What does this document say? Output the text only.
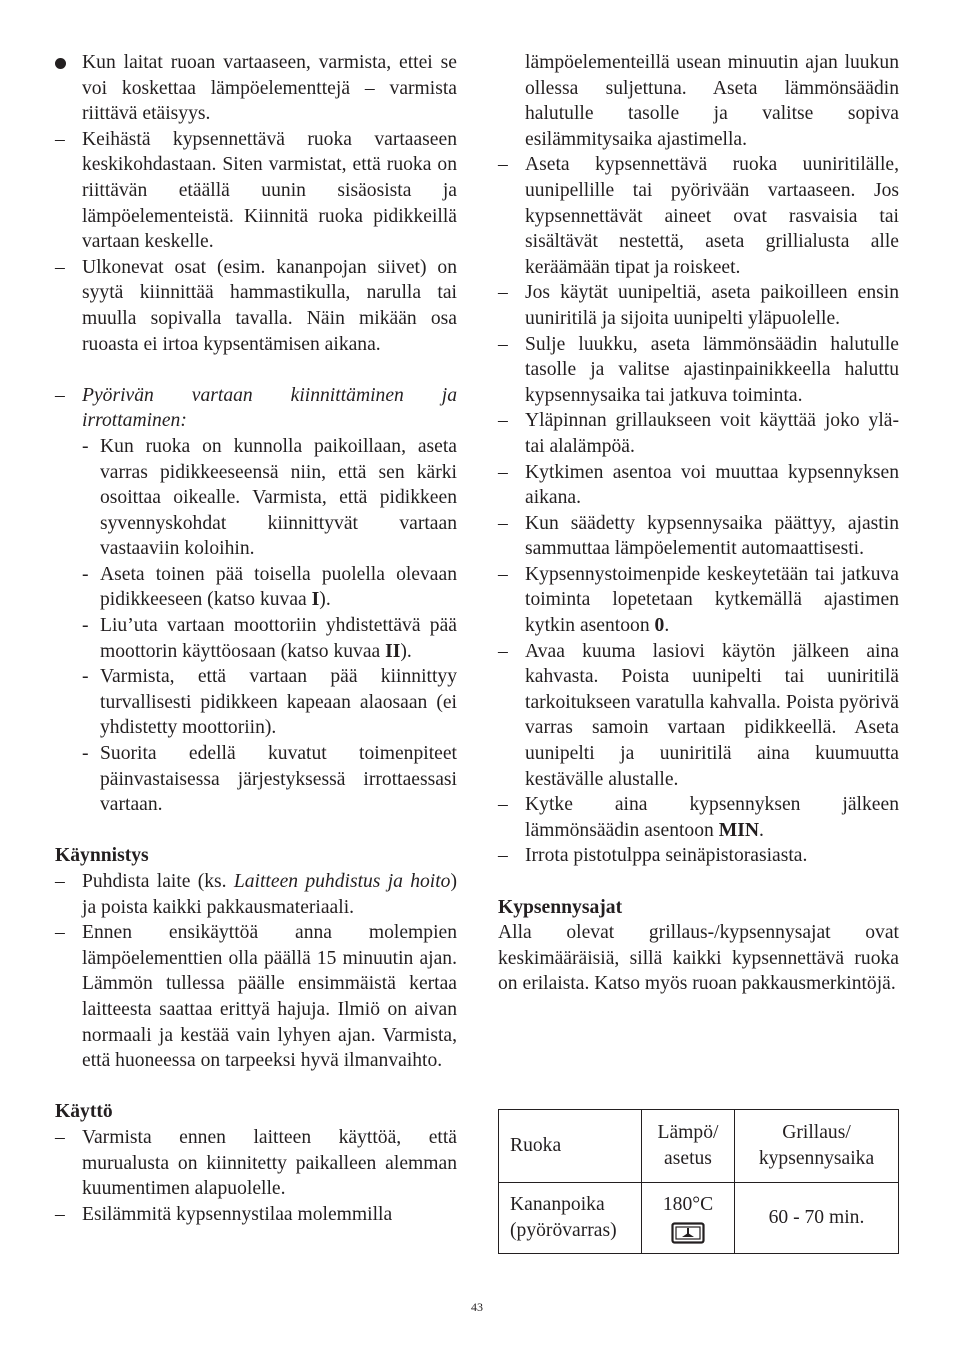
Kun laitat ruoan vartaaseen, varmista, ettei se voi koskettaa lämpöelementtejä – varmista riittävä etäisyys.
– Keihästä kypsennettävä ruoka vartaaseen keskikohdastaan. Siten varmistat, että ruoka on riittävän etäällä uunin sisäosista ja lämpöelementeistä. Kiinnitä ruoka pidikkeillä vartaan keskelle.
– Ulkonevat osat (esim. kananpojan siivet) on syytä kiinnittää hammastikulla, narulla tai muulla sopivalla tavalla. Näin mikään osa ruoasta ei irtoa kypsentämisen aikana.
– Pyörivän vartaan kiinnittäminen ja irrottaminen:
- Kun ruoka on kunnolla paikoillaan, aseta varras pidikkeeseensä niin, että sen kärki osoittaa oikealle. Varmista, että pidikkeen syvennyskohdat kiinnittyvät vartaan vastaaviin koloihin.
- Aseta toinen pää toisella puolella olevaan pidikkeeseen (katso kuvaa I).
- Liu’uta vartaan moottoriin yhdistettävä pää moottorin käyttöosaan (katso kuvaa II).
- Varmista, että vartaan pää kiinnittyy turvallisesti pidikkeen kapeaan alaosaan (ei yhdistetty moottoriin).
- Suorita edellä kuvatut toimenpiteet päinvastaisessa järjestyksessä irrottaessasi vartaan.
Käynnistys
– Puhdista laite (ks. Laitteen puhdistus ja hoito) ja poista kaikki pakkausmateriaali.
– Ennen ensikäyttöä anna molempien lämpöelementtien olla päällä 15 minuutin ajan. Lämmön tullessa päälle ensimmäistä kertaa laitteesta saattaa erittyä hajuja. Ilmiö on aivan normaali ja kestää vain lyhyen ajan. Varmista, että huoneessa on tarpeeksi hyvä ilmanvaihto.
Käyttö
– Varmista ennen laitteen käyttöä, että murualusta on kiinnitetty paikalleen alemman kuumentimen alapuolelle.
– Esilämmitä kypsennystilaa molemmilla
lämpöelementeillä usean minuutin ajan luukun ollessa suljettuna. Aseta lämmönsäädin halutulle tasolle ja valitse sopiva esilämmitysaika ajastimella.
– Aseta kypsennettävä ruoka uuniritilälle, uunipellille tai pyörivään vartaaseen. Jos kypsennettävät aineet ovat rasvaisia tai sisältävät nestettä, aseta grillialusta alle keräämään tipat ja roiskeet.
– Jos käytät uunipeltiä, aseta paikoilleen ensin uuniritilä ja sijoita uunipelti yläpuolelle.
– Sulje luukku, aseta lämmönsäädin halutulle tasolle ja valitse ajastinpainikkeella haluttu kypsennysaika tai jatkuva toiminta.
– Yläpinnan grillaukseen voit käyttää joko ylä- tai alalämpöä.
– Kytkimen asentoa voi muuttaa kypsennyksen aikana.
– Kun säädetty kypsennysaika päättyy, ajastin sammuttaa lämpöelementit automaattisesti.
– Kypsennystoimenpide keskeytetään tai jatkuva toiminta lopetetaan kytkemällä ajastimen kytkin asentoon 0.
– Avaa kuuma lasiovi käytön jälkeen aina kahvasta. Poista uunipelti tai uuniritilä tarkoitukseen varatulla kahvalla. Poista pyörivä varras samoin vartaan pidikkeellä. Aseta uunipelti ja uuniritilä aina kuumuutta kestävälle alustalle.
– Kytke aina kypsennyksen jälkeen lämmönsäädin asentoon MIN.
– Irrota pistotulppa seinäpistorasiasta.
Kypsennysajat
Alla olevat grillaus-/kypsennysajat ovat keskimääräisiä, sillä kaikki kypsennettävä ruoka on erilaista. Katso myös ruoan pakkausmerkintöjä.
Ruoka	Lämpö/ asetus	Grillaus/ kypsennysaika
Kananpoika (pyörövarras)	180°C	60 - 70 min.
43
